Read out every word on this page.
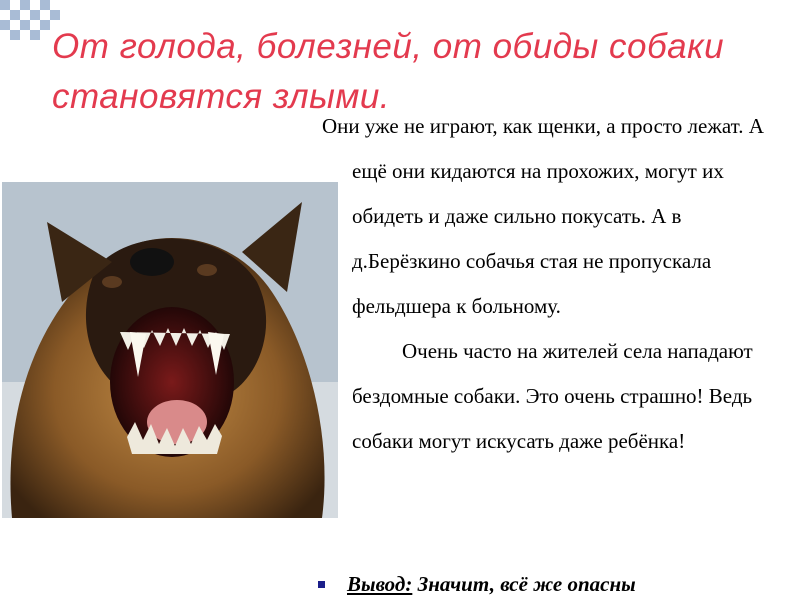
От голода, болезней, от обиды собаки становятся злыми.

Они уже не играют, как щенки, а просто лежат. А ещё они кидаются на прохожих, могут их обидеть и даже сильно покусать. А в д.Берёзкино собачья стая не пропускала фельдшера к больному.

Очень часто на жителей села нападают бездомные собаки. Это очень страшно! Ведь собаки могут искусать даже ребёнка!

Вывод: Значит, всё же опасны
